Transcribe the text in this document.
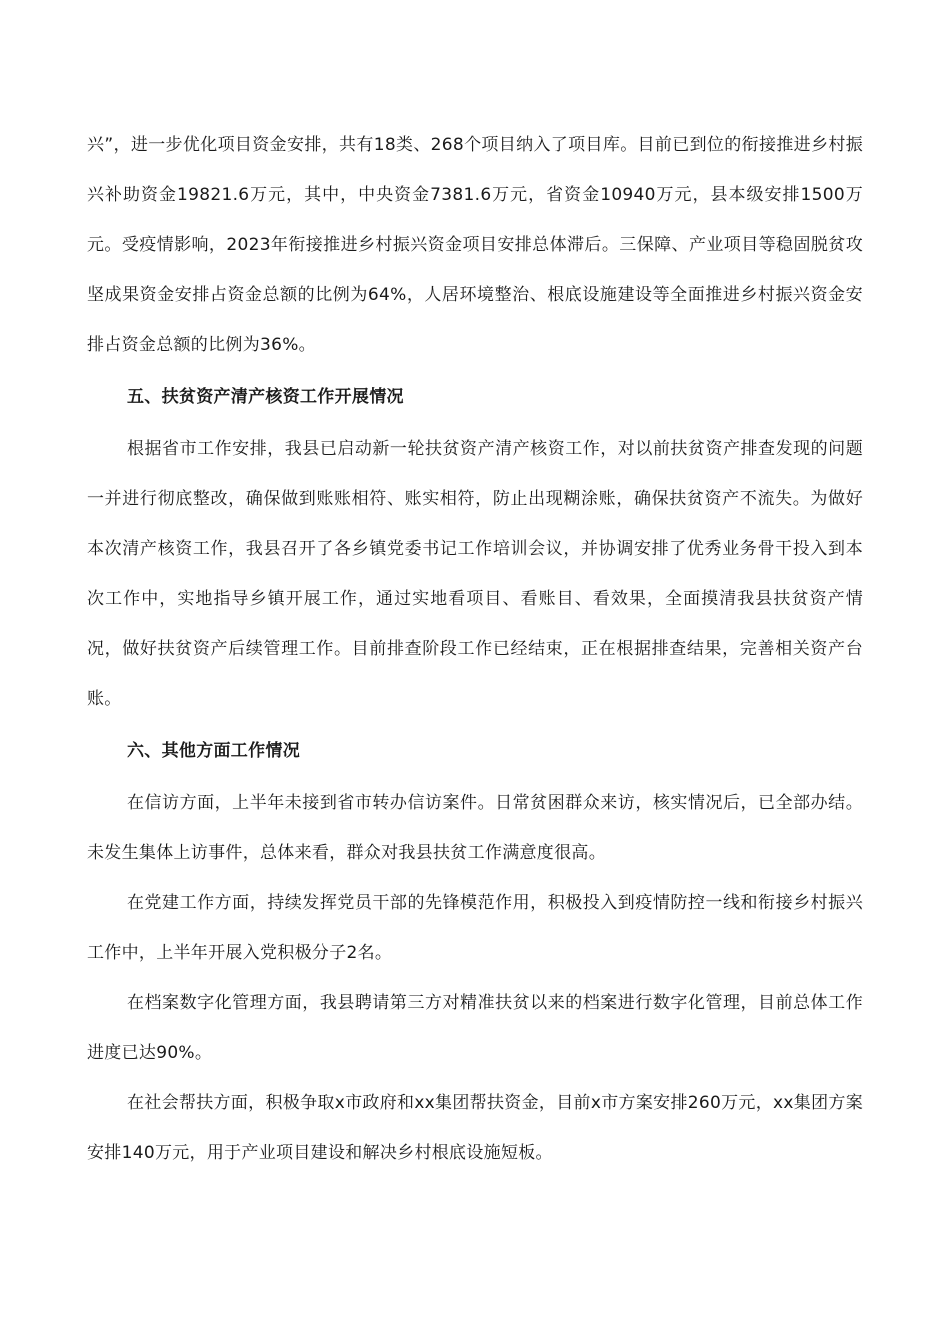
兴”，进一步优化项目资金安排，共有18类、268个项目纳入了项目库。目前已到位的衔接推进乡村振兴补助资金19821.6万元，其中，中央资金7381.6万元，省资金10940万元，县本级安排1500万元。受疫情影响，2023年衔接推进乡村振兴资金项目安排总体滞后。三保障、产业项目等稳固脱贫攻坚成果资金安排占资金总额的比例为64%，人居环境整治、根底设施建设等全面推进乡村振兴资金安排占资金总额的比例为36%。

五、扶贫资产清产核资工作开展情况

根据省市工作安排，我县已启动新一轮扶贫资产清产核资工作，对以前扶贫资产排查发现的问题一并进行彻底整改，确保做到账账相符、账实相符，防止出现糊涂账，确保扶贫资产不流失。为做好本次清产核资工作，我县召开了各乡镇党委书记工作培训会议，并协调安排了优秀业务骨干投入到本次工作中，实地指导乡镇开展工作，通过实地看项目、看账目、看效果，全面摸清我县扶贫资产情况，做好扶贫资产后续管理工作。目前排查阶段工作已经结束，正在根据排查结果，完善相关资产台账。

六、其他方面工作情况

在信访方面，上半年未接到省市转办信访案件。日常贫困群众来访，核实情况后，已全部办结。未发生集体上访事件，总体来看，群众对我县扶贫工作满意度很高。

在党建工作方面，持续发挥党员干部的先锋模范作用，积极投入到疫情防控一线和衔接乡村振兴工作中，上半年开展入党积极分子2名。

在档案数字化管理方面，我县聘请第三方对精准扶贫以来的档案进行数字化管理，目前总体工作进度已达90%。

在社会帮扶方面，积极争取x市政府和xx集团帮扶资金，目前x市方案安排260万元，xx集团方案安排140万元，用于产业项目建设和解决乡村根底设施短板。
